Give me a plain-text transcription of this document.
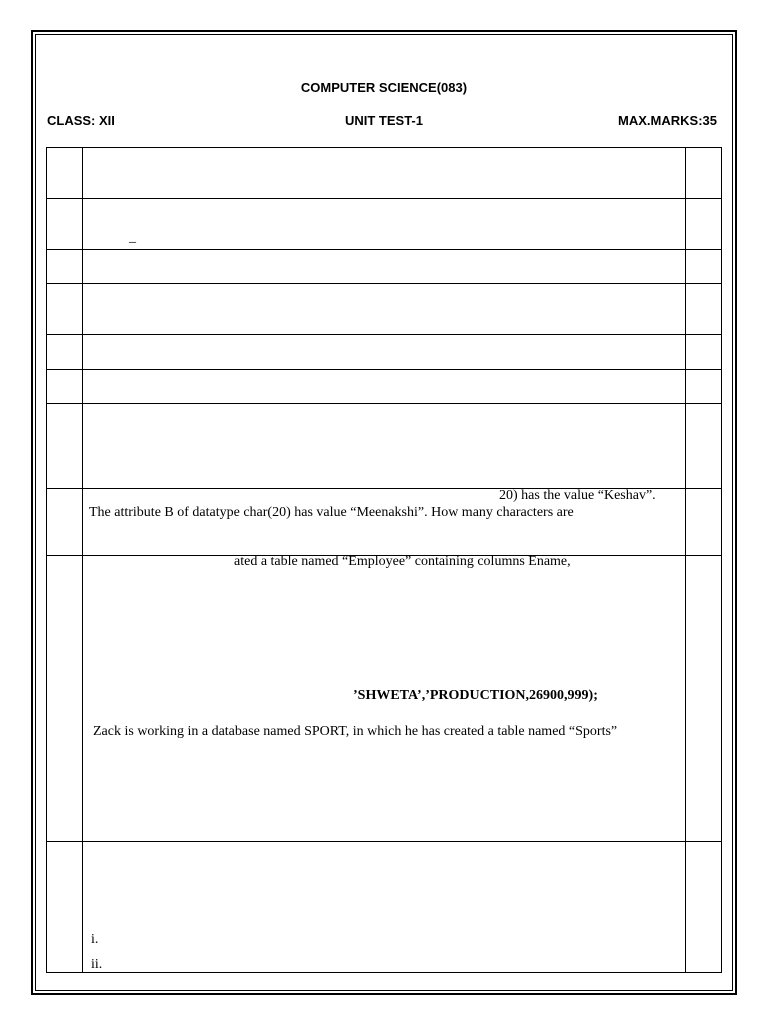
COMPUTER SCIENCE(083)
CLASS: XII	UNIT TEST-1	MAX.MARKS:35
_
20) has the value “Keshav”.
The attribute B of datatype char(20) has value “Meenakshi”. How many characters are
ated a table named “Employee” containing columns Ename,
’SHWETA’,’PRODUCTION,26900,999);
Zack is working in a database named SPORT, in which he has created a table named “Sports”
i.
ii.
